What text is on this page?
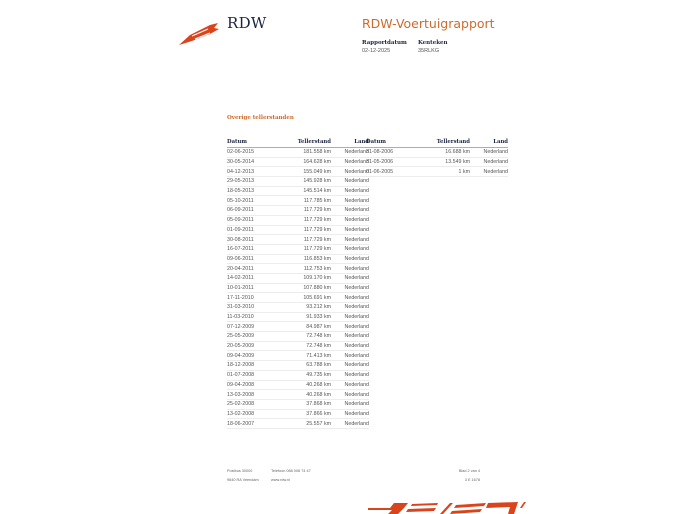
RDW	RDW-Voertuigrapport
Rapportdatum
02-12-2025
Kenteken
35RLKG
Overige tellerstanden
Datum	Tellerstand	Land
02-06-2015	181.558 km	Nederland
30-05-2014	164.628 km	Nederland
04-12-2013	155.049 km	Nederland
29-05-2013	145.928 km	Nederland
18-05-2013	145.514 km	Nederland
05-10-2011	117.785 km	Nederland
06-09-2011	117.729 km	Nederland
05-09-2011	117.729 km	Nederland
01-09-2011	117.729 km	Nederland
30-08-2011	117.729 km	Nederland
16-07-2011	117.729 km	Nederland
09-06-2011	116.853 km	Nederland
20-04-2011	112.753 km	Nederland
14-02-2011	109.170 km	Nederland
10-01-2011	107.880 km	Nederland
17-11-2010	105.691 km	Nederland
31-03-2010	93.212 km	Nederland
11-03-2010	91.933 km	Nederland
07-12-2009	84.987 km	Nederland
25-05-2009	72.748 km	Nederland
20-05-2009	72.748 km	Nederland
09-04-2009	71.413 km	Nederland
18-12-2008	63.788 km	Nederland
01-07-2008	49.735 km	Nederland
09-04-2008	40.268 km	Nederland
13-03-2008	40.268 km	Nederland
25-02-2008	37.868 km	Nederland
13-02-2008	37.866 km	Nederland
18-06-2007	25.557 km	Nederland
Datum	Tellerstand	Land
31-08-2006	16.688 km	Nederland
31-05-2006	13.549 km	Nederland
01-06-2005	1 km	Nederland
Postbus 30000
9640 RA Veendam
Telefoon 088 008 74 47
www.rdw.nl
Blad 2 van 4
3 E 1678
